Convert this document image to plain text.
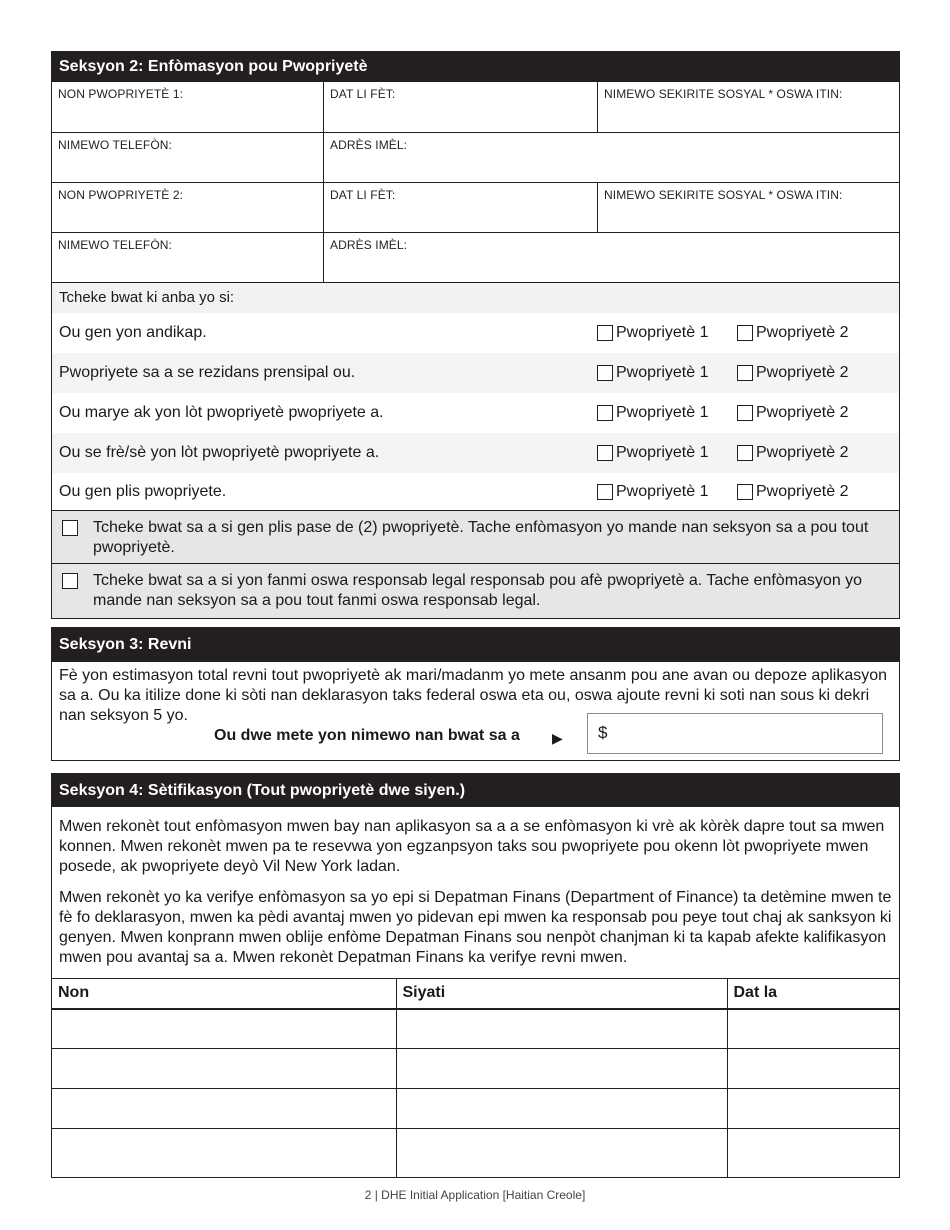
Seksyon 2: Enfòmasyon pou Pwopriyetè
NON PWOPRIYETÈ 1:	DAT LI FÈT:	NIMEWO SEKIRITE SOSYAL * OSWA ITIN:
NIMEWO TELEFÒN:	ADRÈS IMÈL:
NON PWOPRIYETÈ 2:	DAT LI FÈT:	NIMEWO SEKIRITE SOSYAL * OSWA ITIN:
NIMEWO TELEFÒN:	ADRÈS IMÈL:
Tcheke bwat ki anba yo si:
Ou gen yon andikap.	Pwopriyetè 1	Pwopriyetè 2
Pwopriyete sa a se rezidans prensipal ou.	Pwopriyetè 1	Pwopriyetè 2
Ou marye ak yon lòt pwopriyetè pwopriyete a.	Pwopriyetè 1	Pwopriyetè 2
Ou se frè/sè yon lòt pwopriyetè pwopriyete a.	Pwopriyetè 1	Pwopriyetè 2
Ou gen plis pwopriyete.	Pwopriyetè 1	Pwopriyetè 2
Tcheke bwat sa a si gen plis pase de (2) pwopriyetè. Tache enfòmasyon yo mande nan seksyon sa a pou tout pwopriyetè.
Tcheke bwat sa a si yon fanmi oswa responsab legal responsab pou afè pwopriyetè a. Tache enfòmasyon yo mande nan seksyon sa a pou tout fanmi oswa responsab legal.
Seksyon 3: Revni
Fè yon estimasyon total revni tout pwopriyetè ak mari/madanm yo mete ansanm pou ane avan ou depoze aplikasyon sa a. Ou ka itilize done ki sòti nan deklarasyon taks federal oswa eta ou, oswa ajoute revni ki soti nan sous ki dekri nan seksyon 5 yo.
Ou dwe mete yon nimewo nan bwat sa a ▶	$
Seksyon 4: Sètifikasyon (Tout pwopriyetè dwe siyen.)
Mwen rekonèt tout enfòmasyon mwen bay nan aplikasyon sa a a se enfòmasyon ki vrè ak kòrèk dapre tout sa mwen konnen. Mwen rekonèt mwen pa te resevwa yon egzanpsyon taks sou pwopriyete pou okenn lòt pwopriyete mwen posede, ak pwopriyete deyò Vil New York ladan.
Mwen rekonèt yo ka verifye enfòmasyon sa yo epi si Depatman Finans (Department of Finance) ta detèmine mwen te fè fo deklarasyon, mwen ka pèdi avantaj mwen yo pidevan epi mwen ka responsab pou peye tout chaj ak sanksyon ki genyen. Mwen konprann mwen oblije enfòme Depatman Finans sou nenpòt chanjman ki ta kapab afekte kalifikasyon mwen pou avantaj sa a. Mwen rekonèt Depatman Finans ka verifye revni mwen.
Non	Siyati	Dat la

2 | DHE Initial Application [Haitian Creole]
